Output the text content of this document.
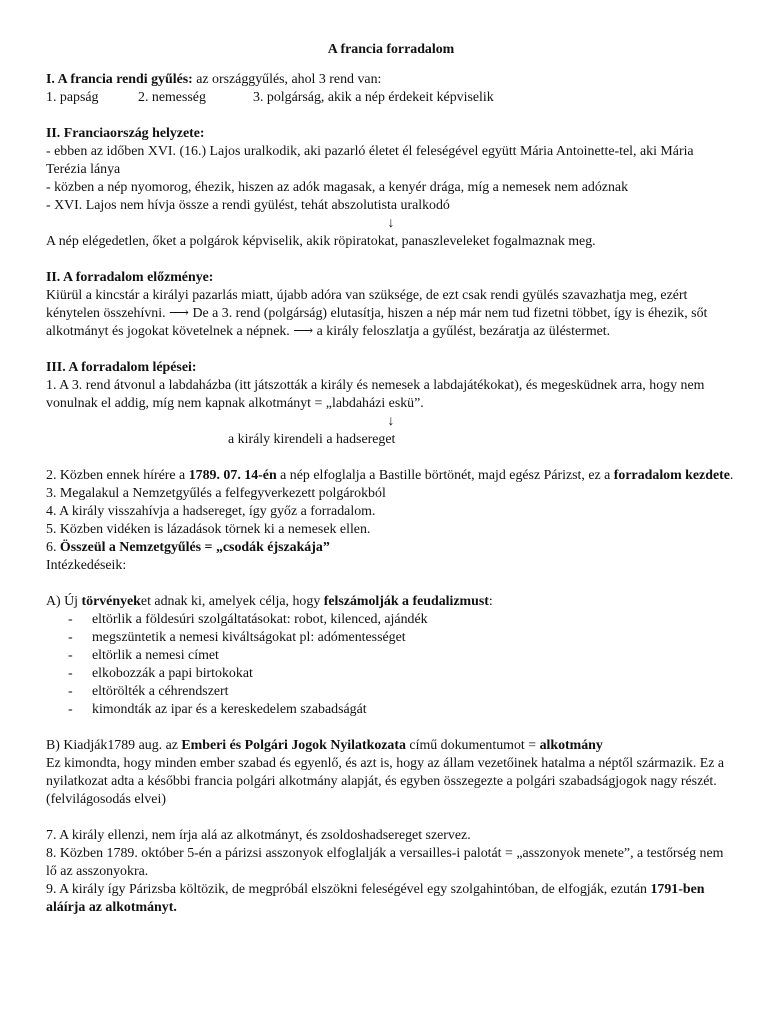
A francia forradalom
I. A francia rendi gyűlés: az országgyűlés, ahol 3 rend van:
1. papság	2. nemesség	3. polgárság, akik a nép érdekeit képviselik
II. Franciaország helyzete:
- ebben az időben XVI. (16.) Lajos uralkodik, aki pazarló életet él feleségével együtt Mária Antoinette-tel, aki Mária Terézia lánya
- közben a nép nyomorog, éhezik, hiszen az adók magasak, a kenyér drága, míg a nemesek nem adóznak
- XVI. Lajos nem hívja össze a rendi gyülést, tehát abszolutista uralkodó
↓
A nép elégedetlen, őket a polgárok képviselik, akik röpiratokat, panaszleveleket fogalmaznak meg.
II. A forradalom előzménye:
Kiürül a kincstár a királyi pazarlás miatt, újabb adóra van szüksége, de ezt csak rendi gyülés szavazhatja meg, ezért kénytelen összehívni. ⟶ De a 3. rend (polgárság) elutasítja, hiszen a nép már nem tud fizetni többet, így is éhezik, sőt alkotmányt és jogokat követelnek a népnek. ⟶ a király feloszlatja a gyűlést, bezáratja az üléstermet.
III. A forradalom lépései:
1. A 3. rend átvonul a labdaházba (itt játszották a király és nemesek a labdajátékokat), és megesküdnek arra, hogy nem vonulnak el addig, míg nem kapnak alkotmányt = „labdaházi eskü”.
↓
a király kirendeli a hadsereget
2. Közben ennek hírére a 1789. 07. 14-én a nép elfoglalja a Bastille börtönét, majd egész Párizst, ez a forradalom kezdete.
3. Megalakul a Nemzetgyűlés a felfegyverkezett polgárokból
4. A király visszahívja a hadsereget, így győz a forradalom.
5. Közben vidéken is lázadások törnek ki a nemesek ellen.
6. Összeül a Nemzetgyűlés = „csodák éjszakája”
Intézkedéseik:
A) Új törvényeket adnak ki, amelyek célja, hogy felszámolják a feudalizmust:
- eltörlik a földesúri szolgáltatásokat: robot, kilenced, ajándék
- megszüntetik a nemesi kiváltságokat pl: adómentességet
- eltörlik a nemesi címet
- elkobozzák a papi birtokokat
- eltörölték a céhrendszert
- kimondták az ipar és a kereskedelem szabadságát
B) Kiadják1789 aug. az Emberi és Polgári Jogok Nyilatkozata című dokumentumot = alkotmány
Ez kimondta, hogy minden ember szabad és egyenlő, és azt is, hogy az állam vezetőinek hatalma a néptől származik. Ez a nyilatkozat adta a későbbi francia polgári alkotmány alapját, és egyben összegezte a polgári szabadságjogok nagy részét. (felvilágosodás elvei)
7. A király ellenzi, nem írja alá az alkotmányt, és zsoldoshadsereget szervez.
8. Közben 1789. október 5-én a párizsi asszonyok elfoglalják a versailles-i palotát = „asszonyok menete”, a testőrség nem lő az asszonyokra.
9. A király így Párizsba költözik, de megpróbál elszökni feleségével egy szolgahintóban, de elfogják, ezután 1791-ben aláírja az alkotmányt.
